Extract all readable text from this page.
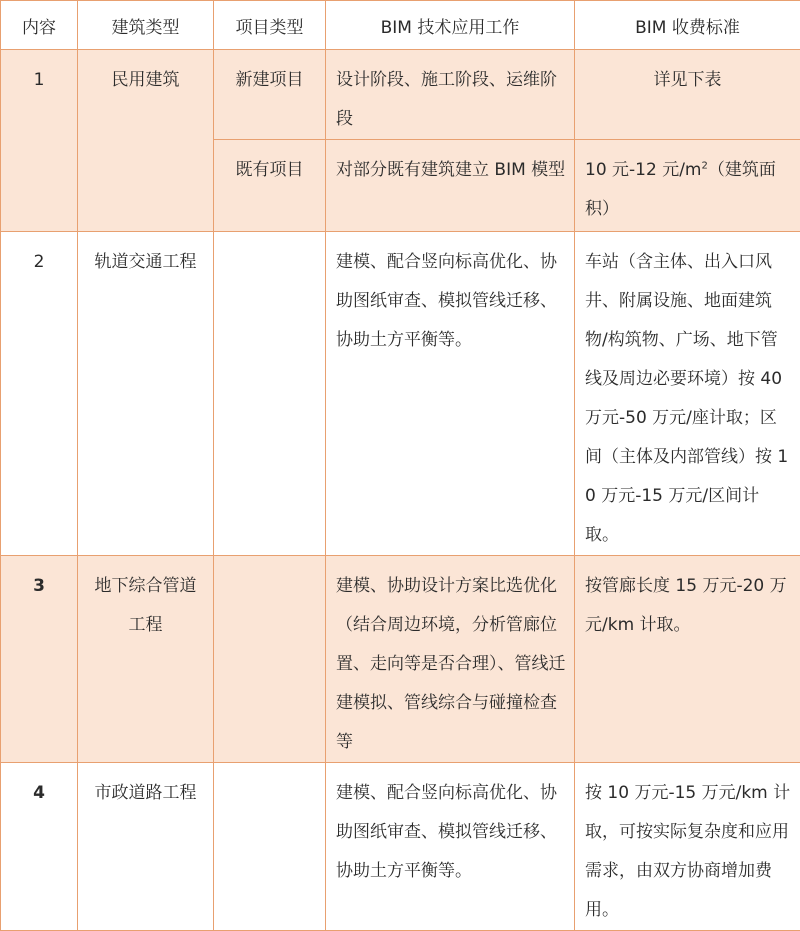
内容	建筑类型	项目类型	BIM 技术应用工作	BIM 收费标准

1	民用建筑	新建项目	设计阶段、施工阶段、运维阶段	详见下表

		既有项目	对部分既有建筑建立 BIM 模型	10 元-12 元$/m^2$（建筑面积）

2	轨道交通工程		建模、配合竖向标高优化、协助图纸审查、模拟管线迁移、协助土方平衡等。	车站（含主体、出入口风井、附属设施、地面建筑物/构筑物、广场、地下管线及周边必要环境）按 40 万元-50 万元/座计取；区间（主体及内部管线）按 10 万元-15 万元/区间计取。

3	地下综合管道工程		建模、协助设计方案比选优化（结合周边环境，分析管廊位置、走向等是否合理）、管线迁建模拟、管线综合与碰撞检查等	按管廊长度 15 万元-20 万元/km 计取。

4	市政道路工程		建模、配合竖向标高优化、协助图纸审查、模拟管线迁移、协助土方平衡等。	按 10 万元-15 万元/km 计取，可按实际复杂度和应用需求，由双方协商增加费用。
